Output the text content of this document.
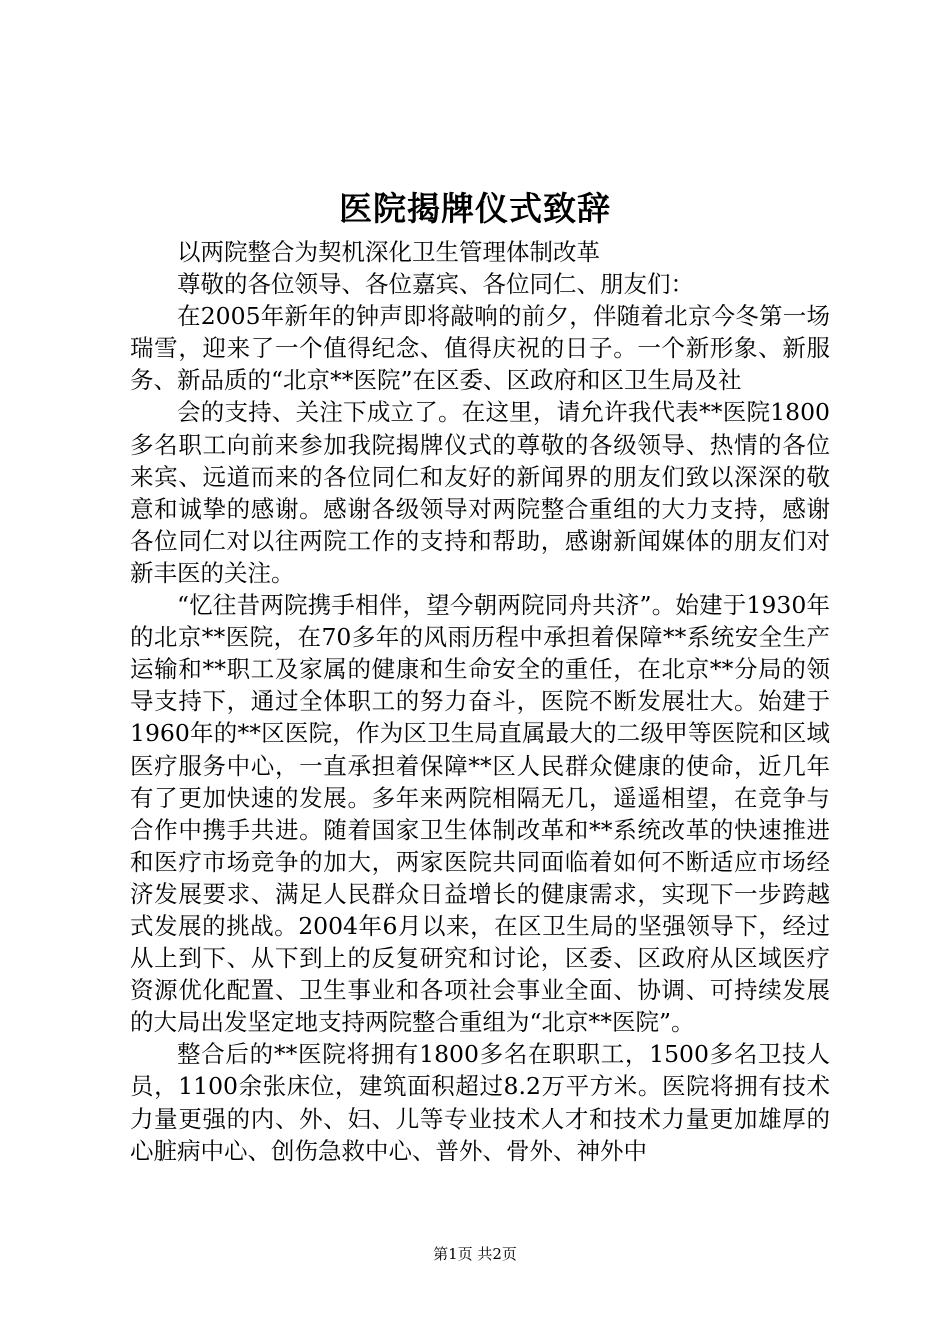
医院揭牌仪式致辞

以两院整合为契机深化卫生管理体制改革

尊敬的各位领导、各位嘉宾、各位同仁、朋友们：

在2005年新年的钟声即将敲响的前夕，伴随着北京今冬第一场瑞雪，迎来了一个值得纪念、值得庆祝的日子。一个新形象、新服务、新品质的“北京**医院”在区委、区政府和区卫生局及社

会的支持、关注下成立了。在这里，请允许我代表**医院1800多名职工向前来参加我院揭牌仪式的尊敬的各级领导、热情的各位来宾、远道而来的各位同仁和友好的新闻界的朋友们致以深深的敬意和诚挚的感谢。感谢各级领导对两院整合重组的大力支持，感谢各位同仁对以往两院工作的支持和帮助，感谢新闻媒体的朋友们对新丰医的关注。

“忆往昔两院携手相伴，望今朝两院同舟共济”。始建于1930年的北京**医院，在70多年的风雨历程中承担着保障**系统安全生产运输和**职工及家属的健康和生命安全的重任，在北京**分局的领导支持下，通过全体职工的努力奋斗，医院不断发展壮大。始建于1960年的**区医院，作为区卫生局直属最大的二级甲等医院和区域医疗服务中心，一直承担着保障**区人民群众健康的使命，近几年有了更加快速的发展。多年来两院相隔无几，遥遥相望，在竞争与合作中携手共进。随着国家卫生体制改革和**系统改革的快速推进和医疗市场竞争的加大，两家医院共同面临着如何不断适应市场经济发展要求、满足人民群众日益增长的健康需求，实现下一步跨越式发展的挑战。2004年6月以来，在区卫生局的坚强领导下，经过从上到下、从下到上的反复研究和讨论，区委、区政府从区域医疗资源优化配置、卫生事业和各项社会事业全面、协调、可持续发展的大局出发坚定地支持两院整合重组为“北京**医院”。

整合后的**医院将拥有1800多名在职职工，1500多名卫技人员，1100余张床位，建筑面积超过8.2万平方米。医院将拥有技术力量更强的内、外、妇、儿等专业技术人才和技术力量更加雄厚的心脏病中心、创伤急救中心、普外、骨外、神外中

第1页 共2页
